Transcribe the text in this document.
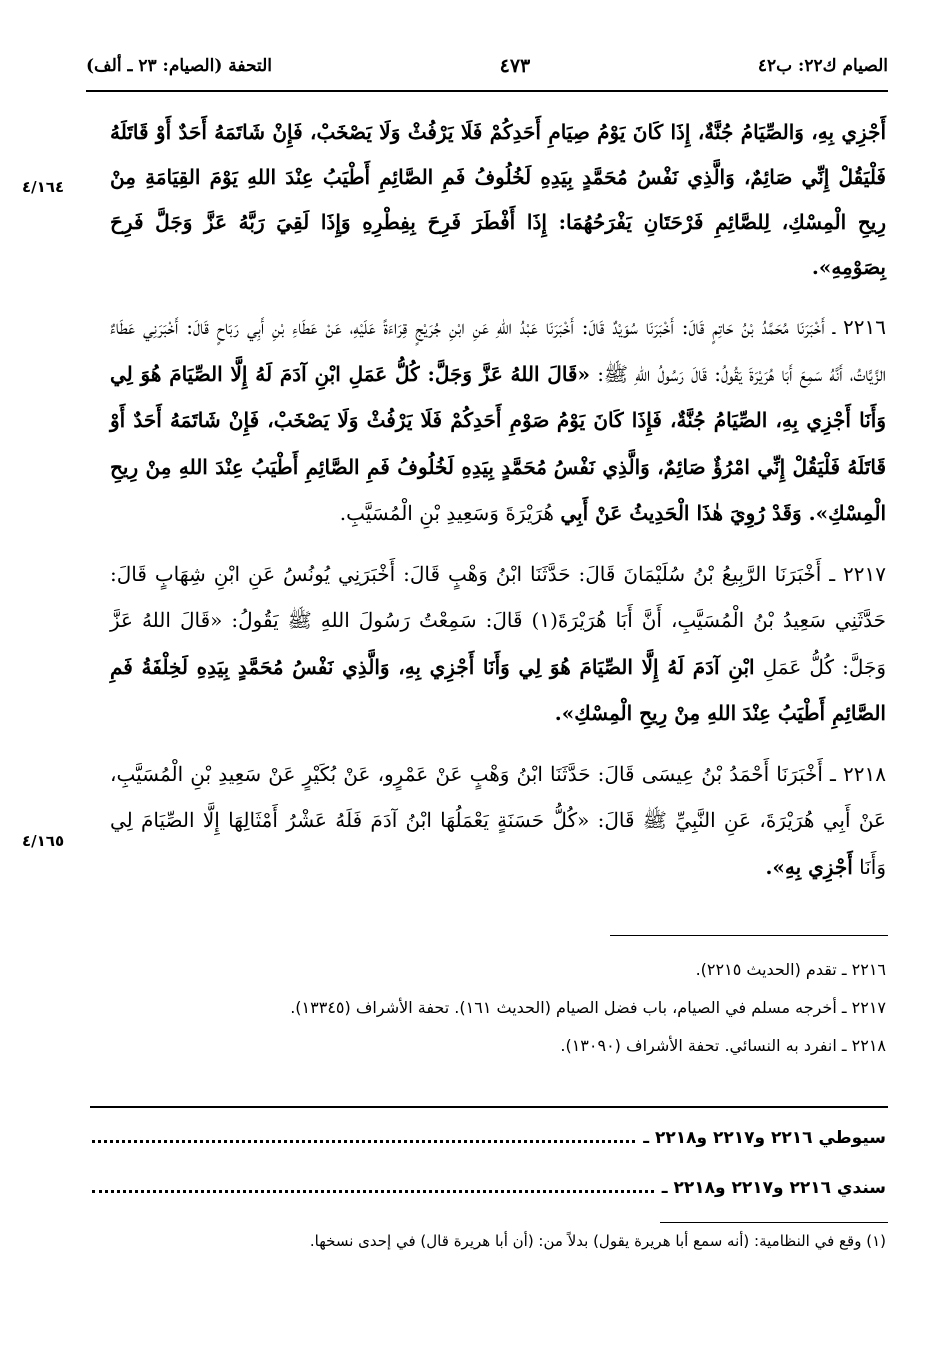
الصيام ك٢٢: ب٤٢
٤٧٣
التحفة (الصيام: ٢٣ ـ ألف)

أَجْزِي بِهِ، وَالصِّيَامُ جُنَّةٌ، إِذَا كَانَ يَوْمُ صِيَامِ أَحَدِكُمْ فَلَا يَرْفُثْ وَلَا يَصْخَبْ، فَإِنْ شَاتَمَهُ أَحَدٌ أَوْ قَاتَلَهُ فَلْيَقُلْ إِنِّي صَائِمٌ، وَالَّذِي نَفْسُ مُحَمَّدٍ بِيَدِهِ لَخُلُوفُ فَمِ الصَّائِمِ أَطْيَبُ عِنْدَ اللهِ يَوْمَ القِيَامَةِ مِنْ رِيحِ الْمِسْكِ، لِلصَّائِمِ فَرْحَتَانِ يَفْرَحُهُمَا: إِذَا أَفْطَرَ فَرِحَ بِفِطْرِهِ وَإِذَا لَقِيَ رَبَّهُ عَزَّ وَجَلَّ فَرِحَ بِصَوْمِهِ».

٢٢١٦ ـ أَخْبَرَنَا مُحَمَّدُ بْنُ حَاتِمٍ قَالَ: أَخْبَرَنَا سُوَيْدٌ قَالَ: أَخْبَرَنَا عَبْدُ اللهِ عَنِ ابْنِ جُرَيْجٍ قِرَاءَةً عَلَيْهِ، عَنْ عَطَاءِ بْنِ أَبِي رَبَاحٍ قَالَ: أَخْبَرَنِي عَطَاءٌ الزَّيَّاتُ، أَنَّهُ سَمِعَ أَبَا هُرَيْرَةَ يَقُولُ: قَالَ رَسُولُ اللهِ ﷺ: «قَالَ اللهُ عَزَّ وَجَلَّ: كُلُّ عَمَلِ ابْنِ آدَمَ لَهُ إِلَّا الصِّيَامَ هُوَ لِي وَأَنَا أَجْزِي بِهِ، الصِّيَامُ جُنَّةٌ، فَإِذَا كَانَ يَوْمُ صَوْمِ أَحَدِكُمْ فَلَا يَرْفُثْ وَلَا يَصْخَبْ، فَإِنْ شَاتَمَهُ أَحَدٌ أَوْ قَاتَلَهُ فَلْيَقُلْ إِنِّي امْرُؤٌ صَائِمٌ، وَالَّذِي نَفْسُ مُحَمَّدٍ بِيَدِهِ لَخُلُوفُ فَمِ الصَّائِمِ أَطْيَبُ عِنْدَ اللهِ مِنْ رِيحِ الْمِسْكِ». وَقَدْ رُوِيَ هٰذَا الْحَدِيثُ عَنْ أَبِي هُرَيْرَةَ وَسَعِيدِ بْنِ الْمُسَيَّبِ.

٢٢١٧ ـ أَخْبَرَنَا الرَّبِيعُ بْنُ سُلَيْمَانَ قَالَ: حَدَّثَنَا ابْنُ وَهْبٍ قَالَ: أَخْبَرَنِي يُونُسُ عَنِ ابْنِ شِهَابٍ قَالَ: حَدَّثَنِي سَعِيدُ بْنُ الْمُسَيَّبِ، أَنَّ أَبَا هُرَيْرَةَ(١) قَالَ: سَمِعْتُ رَسُولَ اللهِ ﷺ يَقُولُ: «قَالَ اللهُ عَزَّ وَجَلَّ: كُلُّ عَمَلِ ابْنِ آدَمَ لَهُ إِلَّا الصِّيَامَ هُوَ لِي وَأَنَا أَجْزِي بِهِ، وَالَّذِي نَفْسُ مُحَمَّدٍ بِيَدِهِ لَخِلْفَةُ فَمِ الصَّائِمِ أَطْيَبُ عِنْدَ اللهِ مِنْ رِيحِ الْمِسْكِ».

٢٢١٨ ـ أَخْبَرَنَا أَحْمَدُ بْنُ عِيسَى قَالَ: حَدَّثَنَا ابْنُ وَهْبٍ عَنْ عَمْرٍو، عَنْ بُكَيْرٍ عَنْ سَعِيدِ بْنِ الْمُسَيَّبِ، عَنْ أَبِي هُرَيْرَةَ، عَنِ النَّبِيِّ ﷺ قَالَ: «كُلُّ حَسَنَةٍ يَعْمَلُهَا ابْنُ آدَمَ فَلَهُ عَشْرُ أَمْثَالِهَا إِلَّا الصِّيَامَ لِي وَأَنَا أَجْزِي بِهِ».

٤/١٦٤
٤/١٦٥
٢٢١٦ ـ تقدم (الحديث ٢٢١٥).
٢٢١٧ ـ أخرجه مسلم في الصيام، باب فضل الصيام (الحديث ١٦١). تحفة الأشراف (١٣٣٤٥).
٢٢١٨ ـ انفرد به النسائي. تحفة الأشراف (١٣٠٩٠).
سيوطي ٢٢١٦ و٢٢١٧ و٢٢١٨ ـ
سندي ٢٢١٦ و٢٢١٧ و٢٢١٨ ـ
(١) وقع في النظامية: (أنه سمع أبا هريرة يقول) بدلاً من: (أن أبا هريرة قال) في إحدى نسخها.
